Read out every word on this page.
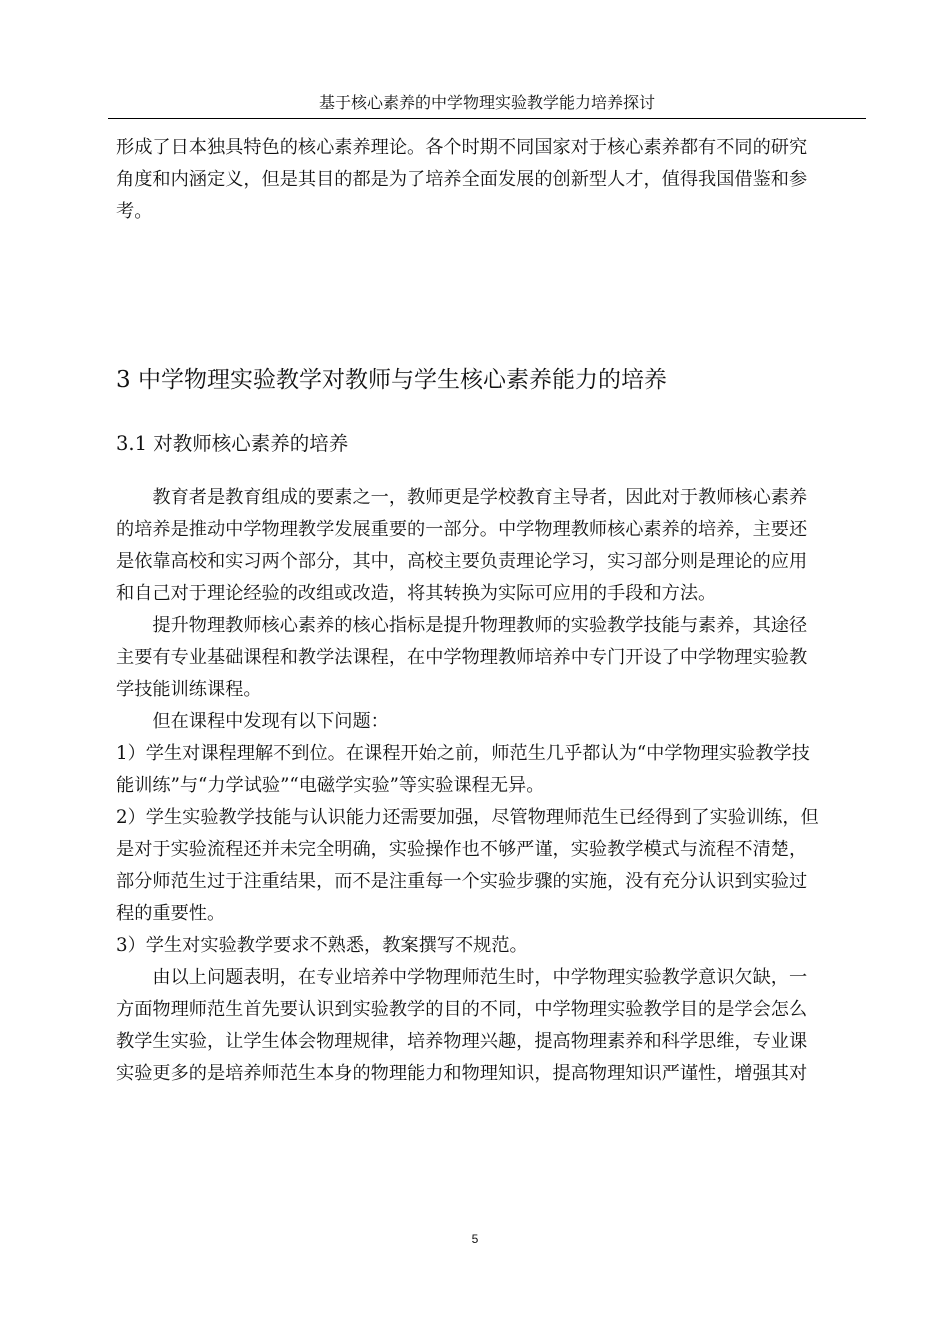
基于核心素养的中学物理实验教学能力培养探讨
形成了日本独具特色的核心素养理论。各个时期不同国家对于核心素养都有不同的研究
角度和内涵定义，但是其目的都是为了培养全面发展的创新型人才，值得我国借鉴和参
考。
3 中学物理实验教学对教师与学生核心素养能力的培养
3.1 对教师核心素养的培养
　　教育者是教育组成的要素之一，教师更是学校教育主导者，因此对于教师核心素养
的培养是推动中学物理教学发展重要的一部分。中学物理教师核心素养的培养，主要还
是依靠高校和实习两个部分，其中，高校主要负责理论学习，实习部分则是理论的应用
和自己对于理论经验的改组或改造，将其转换为实际可应用的手段和方法。
　　提升物理教师核心素养的核心指标是提升物理教师的实验教学技能与素养，其途径
主要有专业基础课程和教学法课程，在中学物理教师培养中专门开设了中学物理实验教
学技能训练课程。
　　但在课程中发现有以下问题：
1）学生对课程理解不到位。在课程开始之前，师范生几乎都认为“中学物理实验教学技
能训练”与“力学试验”“电磁学实验”等实验课程无异。
2）学生实验教学技能与认识能力还需要加强，尽管物理师范生已经得到了实验训练，但
是对于实验流程还并未完全明确，实验操作也不够严谨，实验教学模式与流程不清楚，
部分师范生过于注重结果，而不是注重每一个实验步骤的实施，没有充分认识到实验过
程的重要性。
3）学生对实验教学要求不熟悉，教案撰写不规范。
　　由以上问题表明，在专业培养中学物理师范生时，中学物理实验教学意识欠缺，一
方面物理师范生首先要认识到实验教学的目的不同，中学物理实验教学目的是学会怎么
教学生实验，让学生体会物理规律，培养物理兴趣，提高物理素养和科学思维，专业课
实验更多的是培养师范生本身的物理能力和物理知识，提高物理知识严谨性，增强其对
5
